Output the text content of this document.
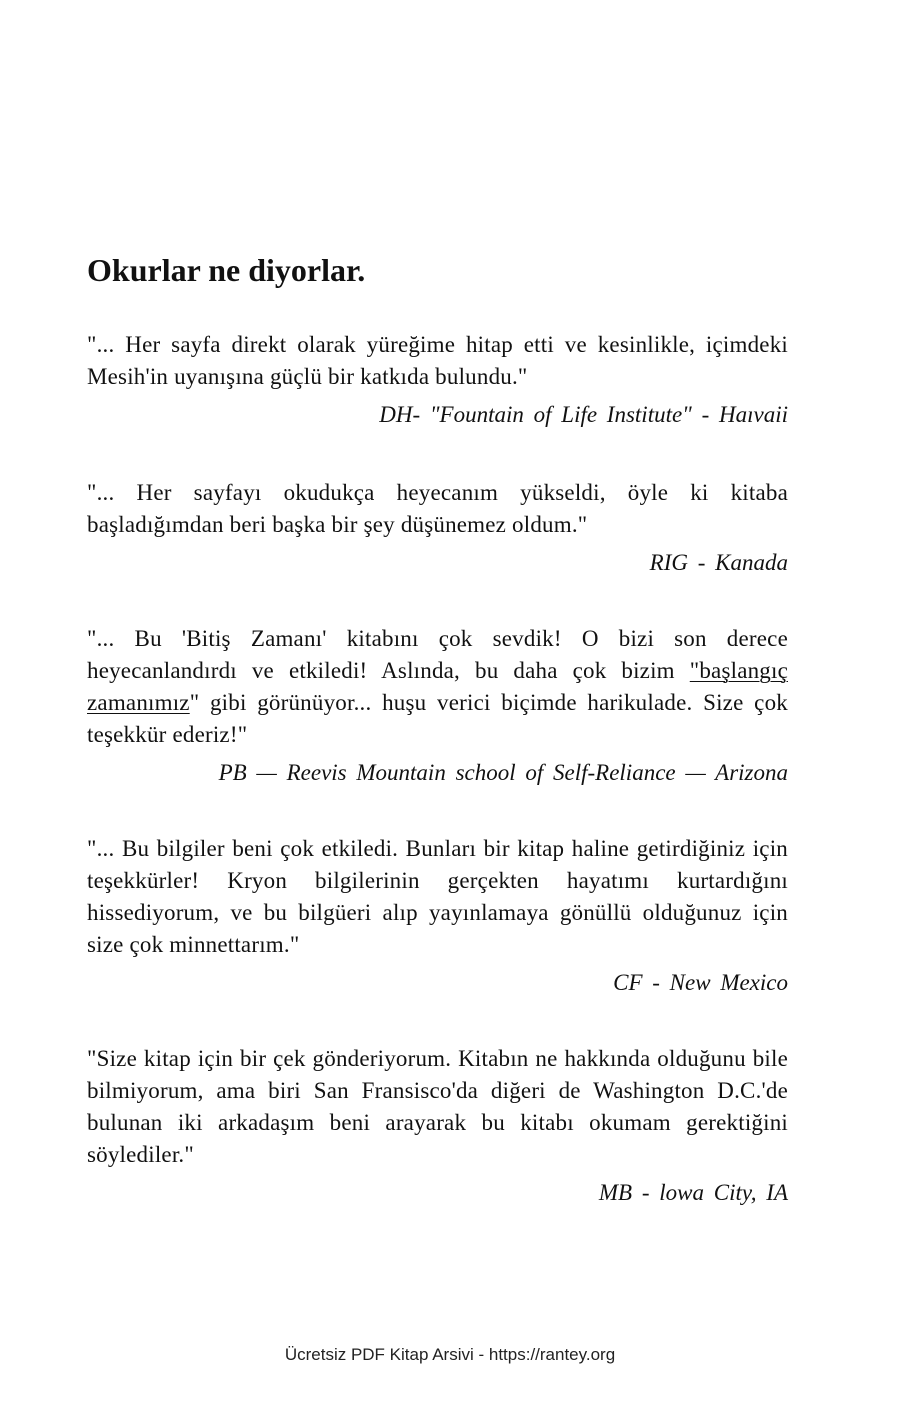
Okurlar ne diyorlar.

"... Her sayfa direkt olarak yüreğime hitap etti ve kesinlikle, içimdeki Mesih'in uyanışına güçlü bir katkıda bulundu."

DH- "Fountain of Life Institute" - Haıvaii

"... Her sayfayı okudukça heyecanım yükseldi, öyle ki kitaba başladığımdan beri başka bir şey düşünemez oldum."

RIG - Kanada

"... Bu 'Bitiş Zamanı' kitabını çok sevdik! O bizi son derece heyecanlandırdı ve etkiledi! Aslında, bu daha çok bizim "başlangıç zamanımız" gibi görünüyor... huşu verici biçimde harikulade. Size çok teşekkür ederiz!"

PB — Reevis Mountain school of Self-Reliance — Arizona

"... Bu bilgiler beni çok etkiledi. Bunları bir kitap haline getirdiğiniz için teşekkürler! Kryon bilgilerinin gerçekten hayatımı kurtardığını hissediyorum, ve bu bilgüeri alıp yayınlamaya gönüllü olduğunuz için size çok minnettarım."

CF - New Mexico

"Size kitap için bir çek gönderiyorum. Kitabın ne hakkında olduğunu bile bilmiyorum, ama biri San Fransisco'da diğeri de Washington D.C.'de bulunan iki arkadaşım beni arayarak bu kitabı okumam gerektiğini söylediler."

MB - lowa City, IA

Ücretsiz PDF Kitap Arsivi - https://rantey.org
